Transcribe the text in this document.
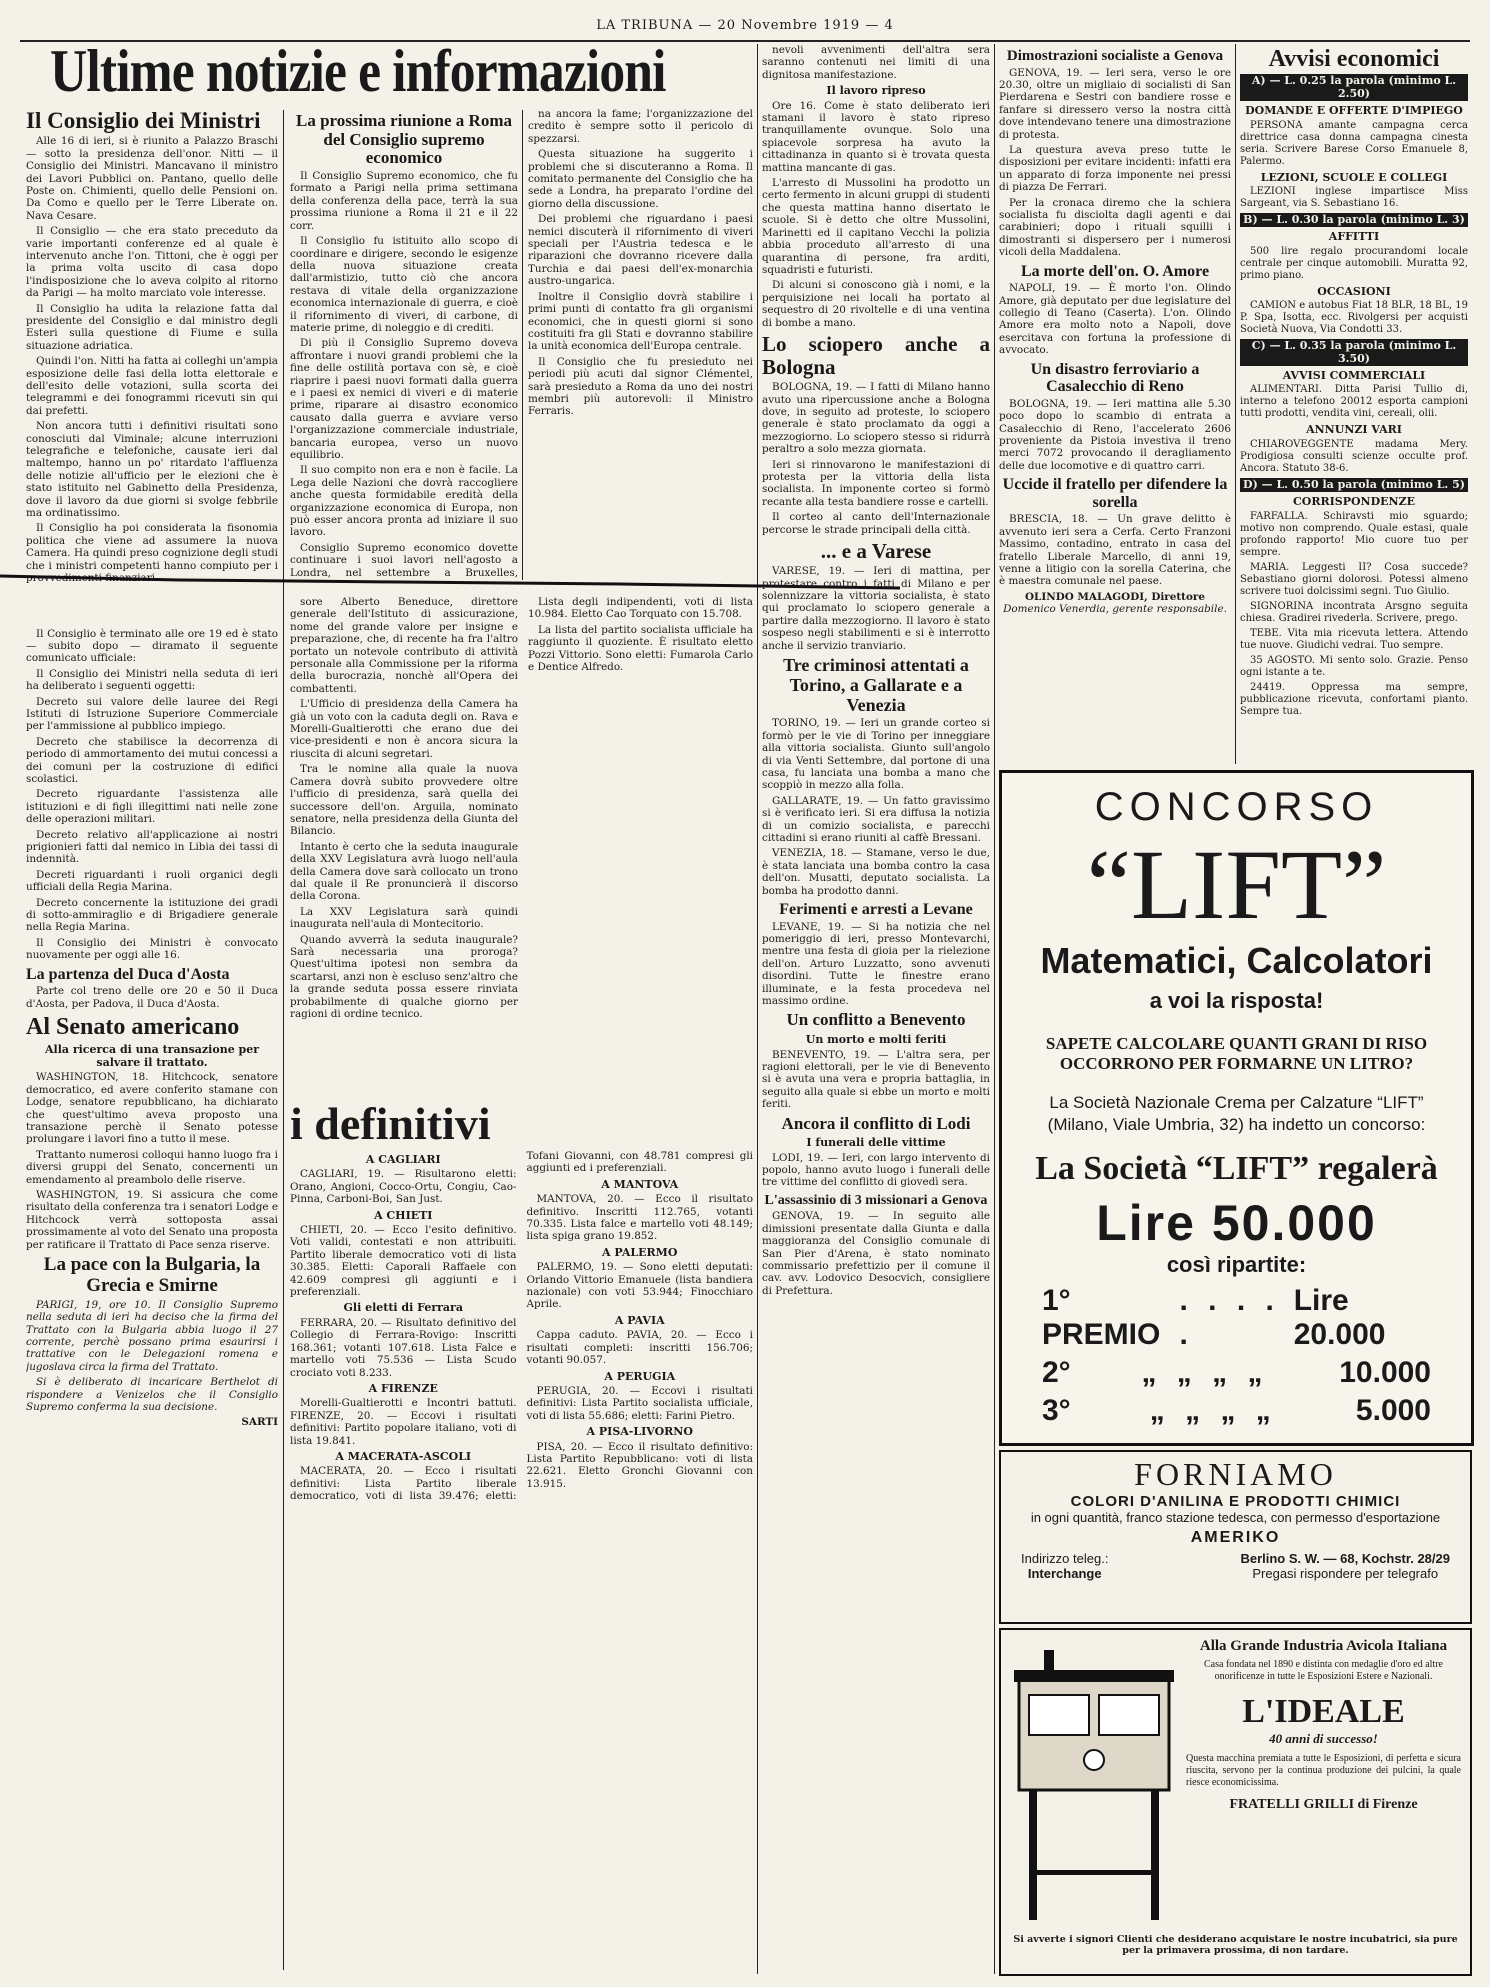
LA TRIBUNA — 20 Novembre 1919 — 4
Ultime notizie e informazioni
Il Consiglio dei Ministri

Alle 16 di ieri, si è riunito a Palazzo Braschi — sotto la presidenza dell'onor. Nitti — il Consiglio dei Ministri. Mancavano il ministro dei Lavori Pubblici on. Pantano, quello delle Poste on. Chimienti, quello delle Pensioni on. Da Como e quello per le Terre Liberate on. Nava Cesare.

Il Consiglio — che era stato preceduto da varie importanti conferenze ed al quale è intervenuto anche l'on. Tittoni, che è oggi per la prima volta uscito di casa dopo l'indisposizione che lo aveva colpito al ritorno da Parigi — ha molto marciato vole interesse.

Il Consiglio ha udita la relazione fatta dal presidente del Consiglio e dal ministro degli Esteri sulla questione di Fiume e sulla situazione adriatica.

Quindi l'on. Nitti ha fatta ai colleghi un'ampia esposizione delle fasi della lotta elettorale e dell'esito delle votazioni, sulla scorta dei telegrammi e dei fonogrammi ricevuti sin qui dai prefetti.

Non ancora tutti i definitivi risultati sono conosciuti dal Viminale; alcune interruzioni telegrafiche e telefoniche, causate ieri dal maltempo, hanno un po' ritardato l'affluenza delle notizie all'ufficio per le elezioni che è stato istituito nel Gabinetto della Presidenza, dove il lavoro da due giorni si svolge febbrile ma ordinatissimo.

Il Consiglio ha poi considerata la fisonomia politica che viene ad assumere la nuova Camera. Ha quindi preso cognizione degli studi che i ministri competenti hanno compiuto per i provvedimenti finanziari.

Il Consiglio è terminato alle ore 19 ed è stato — subito dopo — diramato il seguente comunicato ufficiale:

Il Consiglio dei Ministri nella seduta di ieri ha deliberato i seguenti oggetti:

Decreto sui valore delle lauree dei Regi Istituti di Istruzione Superiore Commerciale per l'ammissione al pubblico impiego.

Decreto che stabilisce la decorrenza di periodo di ammortamento dei mutui concessi a dei comuni per la costruzione di edifici scolastici.

Decreto riguardante l'assistenza alle istituzioni e di figli illegittimi nati nelle zone delle operazioni militari.

Decreto relativo all'applicazione ai nostri prigionieri fatti dal nemico in Libia dei tassi di indennità.

Decreti riguardanti i ruoli organici degli ufficiali della Regia Marina.

Decreto concernente la istituzione dei gradi di sotto-ammiraglio e di Brigadiere generale nella Regia Marina.

Il Consiglio dei Ministri è convocato nuovamente per oggi alle 16.

La partenza del Duca d'Aosta

Parte col treno delle ore 20 e 50 il Duca d'Aosta, per Padova, il Duca d'Aosta.

Al Senato americano
Alla ricerca di una transazione per salvare il trattato.

WASHINGTON, 18. Hitchcock, senatore democratico, ed avere conferito stamane con Lodge, senatore repubblicano, ha dichiarato che quest'ultimo aveva proposto una transazione perchè il Senato potesse prolungare i lavori fino a tutto il mese.

Trattanto numerosi colloqui hanno luogo fra i diversi gruppi del Senato, concernenti un emendamento al preambolo delle riserve.

WASHINGTON, 19. Si assicura che come risultato della conferenza tra i senatori Lodge e Hitchcock verrà sottoposta assai prossimamente al voto del Senato una proposta per ratificare il Trattato di Pace senza riserve.

La pace con la Bulgaria, la Grecia e Smirne

PARIGI, 19, ore 10. Il Consiglio Supremo nella seduta di ieri ha deciso che la firma del Trattato con la Bulgaria abbia luogo il 27 corrente, perchè possano prima esaurirsi i trattative con le Delegazioni romena e jugoslava circa la firma del Trattato.

Si è deliberato di incaricare Berthelot di rispondere a Venizelos che il Consiglio Supremo conferma la sua decisione.

SARTI
La prossima riunione a Roma del Consiglio supremo economico

Il Consiglio Supremo economico, che fu formato a Parigi nella prima settimana della conferenza della pace, terrà la sua prossima riunione a Roma il 21 e il 22 corr.

Il Consiglio fu istituito allo scopo di coordinare e dirigere, secondo le esigenze della nuova situazione creata dall'armistizio, tutto ciò che ancora restava di vitale della organizzazione economica internazionale di guerra, e cioè il rifornimento di viveri, di carbone, di materie prime, di noleggio e di crediti.

Di più il Consiglio Supremo doveva affrontare i nuovi grandi problemi che la fine delle ostilità portava con sè, e cioè riaprire i paesi nuovi formati dalla guerra e i paesi ex nemici di viveri e di materie prime, riparare ai disastro economico causato dalla guerra e avviare verso l'organizzazione commerciale industriale, bancaria europea, verso un nuovo equilibrio.

Il suo compito non era e non è facile. La Lega delle Nazioni che dovrà raccogliere anche questa formidabile eredità della organizzazione economica di Europa, non può esser ancora pronta ad iniziare il suo lavoro.

Consiglio Supremo economico dovette continuare i suoi lavori nell'agosto a Londra, nel settembre a Bruxelles,

na ancora la fame; l'organizzazione del credito è sempre sotto il pericolo di spezzarsi.

Questa situazione ha suggerito i problemi che si discuteranno a Roma. Il comitato permanente del Consiglio che ha sede a Londra, ha preparato l'ordine del giorno della discussione.

Dei problemi che riguardano i paesi nemici discuterà il rifornimento di viveri speciali per l'Austria tedesca e le riparazioni che dovranno ricevere dalla Turchia e dai paesi dell'ex-monarchia austro-ungarica.

Inoltre il Consiglio dovrà stabilire i primi punti di contatto fra gli organismi economici, che in questi giorni si sono costituiti fra gli Stati e dovranno stabilire la unità economica dell'Europa centrale.

Il Consiglio che fu presieduto nei periodi più acuti dal signor Clémentel, sarà presieduto a Roma da uno dei nostri membri più autorevoli: il Ministro Ferraris.

sore Alberto Beneduce, direttore generale dell'Istituto di assicurazione, nome del grande valore per insigne e preparazione, che, di recente ha fra l'altro portato un notevole contributo di attività personale alla Commissione per la riforma della burocrazia, nonchè all'Opera dei combattenti.

L'Ufficio di presidenza della Camera ha già un voto con la caduta degli on. Rava e Morelli-Gualtierotti che erano due dei vice-presidenti e non è ancora sicura la riuscita di alcuni segretari.

Tra le nomine alla quale la nuova Camera dovrà subito provvedere oltre l'ufficio di presidenza, sarà quella dei successore dell'on. Arguila, nominato senatore, nella presidenza della Giunta del Bilancio.

Intanto è certo che la seduta inaugurale della XXV Legislatura avrà luogo nell'aula della Camera dove sarà collocato un trono dal quale il Re pronuncierà il discorso della Corona.

La XXV Legislatura sarà quindi inaugurata nell'aula di Montecitorio.

Quando avverrà la seduta inaugurale? Sarà necessaria una proroga? Quest'ultima ipotesi non sembra da scartarsi, anzi non è escluso senz'altro che la grande seduta possa essere rinviata probabilmente di qualche giorno per ragioni di ordine tecnico.

Lista degli indipendenti, voti di lista 10.984. Eletto Cao Torquato con 15.708.

La lista del partito socialista ufficiale ha raggiunto il quoziente. È risultato eletto Pozzi Vittorio. Sono eletti: Fumarola Carlo e Dentice Alfredo.

i definitivi
A CAGLIARI

CAGLIARI, 19. — Risultarono eletti: Orano, Angioni, Cocco-Ortu, Congiu, Cao-Pinna, Carboni-Boi, San Just.

A CHIETI

CHIETI, 20. — Ecco l'esito definitivo. Voti validi, contestati e non attribuiti. Partito liberale democratico voti di lista 30.385. Eletti: Caporali Raffaele con 42.609 compresi gli aggiunti e i preferenziali.

Gli eletti di Ferrara

FERRARA, 20. — Risultato definitivo del Collegio di Ferrara-Rovigo: Inscritti 168.361; votanti 107.618. Lista Falce e martello voti 75.536 — Lista Scudo crociato voti 8.233.

A FIRENZE

Morelli-Gualtierotti e Incontri battuti. FIRENZE, 20. — Eccovi i risultati definitivi: Partito popolare italiano, voti di lista 19.841.

A MACERATA-ASCOLI

MACERATA, 20. — Ecco i risultati definitivi: Lista Partito liberale democratico, voti di lista 39.476; eletti: Tofani Giovanni, con 48.781 compresi gli aggiunti ed i preferenziali.

A MANTOVA

MANTOVA, 20. — Ecco il risultato definitivo. Inscritti 112.765, votanti 70.335. Lista falce e martello voti 48.149; lista spiga grano 19.852.

A PALERMO

PALERMO, 19. — Sono eletti deputati: Orlando Vittorio Emanuele (lista bandiera nazionale) con voti 53.944; Finocchiaro Aprile.

A PAVIA

Cappa caduto. PAVIA, 20. — Ecco i risultati completi: inscritti 156.706; votanti 90.057.

A PERUGIA

PERUGIA, 20. — Eccovi i risultati definitivi: Lista Partito socialista ufficiale, voti di lista 55.686; eletti: Farini Pietro.

A PISA-LIVORNO

PISA, 20. — Ecco il risultato definitivo: Lista Partito Repubblicano: voti di lista 22.621. Eletto Gronchi Giovanni con 13.915.

nevoli avvenimenti dell'altra sera saranno contenuti nei limiti di una dignitosa manifestazione.

Il lavoro ripreso

Ore 16. Come è stato deliberato ieri stamani il lavoro è stato ripreso tranquillamente ovunque. Solo una spiacevole sorpresa ha avuto la cittadinanza in quanto si è trovata questa mattina mancante di gas.

L'arresto di Mussolini ha prodotto un certo fermento in alcuni gruppi di studenti che questa mattina hanno disertato le scuole. Si è detto che oltre Mussolini, Marinetti ed il capitano Vecchi la polizia abbia proceduto all'arresto di una quarantina di persone, fra arditi, squadristi e futuristi.

Di alcuni si conoscono già i nomi, e la perquisizione nei locali ha portato al sequestro di 20 rivoltelle e di una ventina di bombe a mano.

Lo sciopero anche a Bologna

BOLOGNA, 19. — I fatti di Milano hanno avuto una ripercussione anche a Bologna dove, in seguito ad proteste, lo sciopero generale è stato proclamato da oggi a mezzogiorno. Lo sciopero stesso si ridurrà peraltro a solo mezza giornata.

Ieri si rinnovarono le manifestazioni di protesta per la vittoria della lista socialista. In imponente corteo si formò recante alla testa bandiere rosse e cartelli.

Il corteo al canto dell'Internazionale percorse le strade principali della città.

... e a Varese

VARESE, 19. — Ieri di mattina, per protestare contro i fatti di Milano e per solennizzare la vittoria socialista, è stato qui proclamato lo sciopero generale a partire dalla mezzogiorno. Il lavoro è stato sospeso negli stabilimenti e si è interrotto anche il servizio tranviario.

Tre criminosi attentati a Torino, a Gallarate e a Venezia

TORINO, 19. — Ieri un grande corteo si formò per le vie di Torino per inneggiare alla vittoria socialista. Giunto sull'angolo di via Venti Settembre, dal portone di una casa, fu lanciata una bomba a mano che scoppiò in mezzo alla folla.

GALLARATE, 19. — Un fatto gravissimo si è verificato ieri. Si era diffusa la notizia di un comizio socialista, e parecchi cittadini si erano riuniti al caffè Bressani.

VENEZIA, 18. — Stamane, verso le due, è stata lanciata una bomba contro la casa dell'on. Musatti, deputato socialista. La bomba ha prodotto danni.

Ferimenti e arresti a Levane

LEVANE, 19. — Si ha notizia che nel pomeriggio di ieri, presso Montevarchi, mentre una festa di gioia per la rielezione dell'on. Arturo Luzzatto, sono avvenuti disordini. Tutte le finestre erano illuminate, e la festa procedeva nel massimo ordine.

Un conflitto a Benevento
Un morto e molti feriti

BENEVENTO, 19. — L'altra sera, per ragioni elettorali, per le vie di Benevento si è avuta una vera e propria battaglia, in seguito alla quale si ebbe un morto e molti feriti.

Ancora il conflitto di Lodi
I funerali delle vittime

LODI, 19. — Ieri, con largo intervento di popolo, hanno avuto luogo i funerali delle tre vittime del conflitto di giovedì sera.

L'assassinio di 3 missionari a Genova

GENOVA, 19. — In seguito alle dimissioni presentate dalla Giunta e dalla maggioranza del Consiglio comunale di San Pier d'Arena, è stato nominato commissario prefettizio per il comune il cav. avv. Lodovico Desocvich, consigliere di Prefettura.

Dimostrazioni socialiste a Genova

GENOVA, 19. — Ieri sera, verso le ore 20.30, oltre un migliaio di socialisti di San Pierdarena e Sestri con bandiere rosse e fanfare si diressero verso la nostra città dove intendevano tenere una dimostrazione di protesta.

La questura aveva preso tutte le disposizioni per evitare incidenti: infatti era un apparato di forza imponente nei pressi di piazza De Ferrari.

Per la cronaca diremo che la schiera socialista fu disciolta dagli agenti e dai carabinieri; dopo i rituali squilli i dimostranti si dispersero per i numerosi vicoli della Maddalena.

La morte dell'on. O. Amore

NAPOLI, 19. — È morto l'on. Olindo Amore, già deputato per due legislature del collegio di Teano (Caserta). L'on. Olindo Amore era molto noto a Napoli, dove esercitava con fortuna la professione di avvocato.

Un disastro ferroviario a Casalecchio di Reno

BOLOGNA, 19. — Ieri mattina alle 5.30 poco dopo lo scambio di entrata a Casalecchio di Reno, l'accelerato 2606 proveniente da Pistoia investiva il treno merci 7072 provocando il deragliamento delle due locomotive e di quattro carri.

Uccide il fratello per difendere la sorella

BRESCIA, 18. — Un grave delitto è avvenuto ieri sera a Cerfa. Certo Franzoni Massimo, contadino, entrato in casa del fratello Liberale Marcello, di anni 19, venne a litigio con la sorella Caterina, che è maestra comunale nel paese.

OLINDO MALAGODI, Direttore
Domenico Venerdia, gerente responsabile.
Avvisi economici
A) — L. 0.25 la parola (minimo L. 2.50)
DOMANDE E OFFERTE D'IMPIEGO

PERSONA amante campagna cerca direttrice casa donna campagna cinesta seria. Scrivere Barese Corso Emanuele 8, Palermo.

LEZIONI, SCUOLE E COLLEGI

LEZIONI inglese impartisce Miss Sargeant, via S. Sebastiano 16.

B) — L. 0.30 la parola (minimo L. 3)
AFFITTI

500 lire regalo procurandomi locale centrale per cinque automobili. Muratta 92, primo piano.

OCCASIONI

CAMION e autobus Fiat 18 BLR, 18 BL, 19 P. Spa, Isotta, ecc. Rivolgersi per acquisti Società Nuova, Via Condotti 33.

C) — L. 0.35 la parola (minimo L. 3.50)
AVVISI COMMERCIALI

ALIMENTARI. Ditta Parisi Tullio di, interno a telefono 20012 esporta campioni tutti prodotti, vendita vini, cereali, olii.

ANNUNZI VARI

CHIAROVEGGENTE madama Mery. Prodigiosa consulti scienze occulte prof. Ancora. Statuto 38-6.

D) — L. 0.50 la parola (minimo L. 5)
CORRISPONDENZE

FARFALLA. Schiravsti mio sguardo; motivo non comprendo. Quale estasi, quale profondo rapporto! Mio cuore tuo per sempre.

MARIA. Leggesti II? Cosa succede? Sebastiano giorni dolorosi. Potessi almeno scrivere tuoi dolcissimi segni. Tuo Giulio.

SIGNORINA incontrata Arsgno seguita chiesa. Gradirei rivederla. Scrivere, prego.

TEBE. Vita mia ricevuta lettera. Attendo tue nuove. Giudichi vedrai. Tuo sempre.

35 AGOSTO. Mi sento solo. Grazie. Penso ogni istante a te.

24419. Oppressa ma sempre, pubblicazione ricevuta, confortami pianto. Sempre tua.

CONCORSO
“LIFT”
Matematici, Calcolatori
a voi la risposta!
SAPETE CALCOLARE QUANTI GRANI DI RISO
OCCORRONO PER FORMARNE UN LITRO?
La Società Nazionale Crema per Calzature “LIFT” (Milano, Viale Umbria, 32) ha indetto un concorso:
La Società “LIFT” regalerà
Lire 50.000
così ripartite:
1° PREMIO
. . . . .
Lire 20.000
2° „ „ „ „ 10.000
3°	„ „ „ „	5.000
FORNIAMO
COLORI D'ANILINA E PRODOTTI CHIMICI
in ogni quantità, franco stazione tedesca, con permesso d'esportazione
AMERIKO
Indirizzo teleg.:
Interchange
Berlino S. W. — 68, Kochstr. 28/29
Pregasi rispondere per telegrafo
Alla Grande Industria Avicola Italiana
Casa fondata nel 1890 e distinta con medaglie d'oro ed altre onorificenze in tutte le Esposizioni Estere e Nazionali.
L'IDEALE
40 anni di successo!
Questa macchina premiata a tutte le Esposizioni, di perfetta e sicura riuscita, servono per la continua produzione dei pulcini, la quale riesce economicissima.
FRATELLI GRILLI di Firenze
Si avverte i signori Clienti che desiderano acquistare le nostre incubatrici, sia pure per la primavera prossima, di non tardare.
